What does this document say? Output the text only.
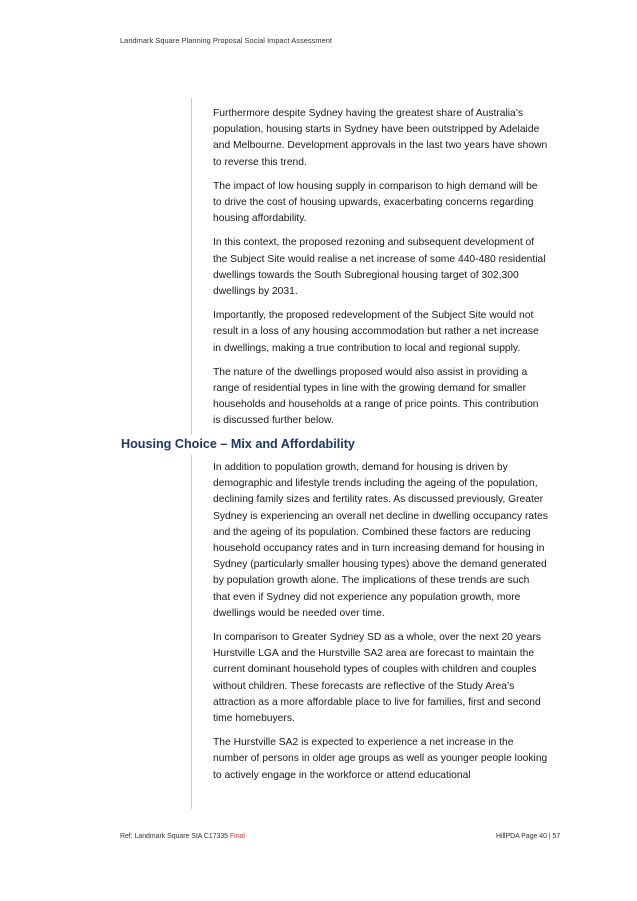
Landmark Square Planning Proposal Social Impact Assessment

Furthermore despite Sydney having the greatest share of Australia’s population, housing starts in Sydney have been outstripped by Adelaide and Melbourne. Development approvals in the last two years have shown to reverse this trend.

The impact of low housing supply in comparison to high demand will be to drive the cost of housing upwards, exacerbating concerns regarding housing affordability.

In this context, the proposed rezoning and subsequent development of the Subject Site would realise a net increase of some 440-480 residential dwellings towards the South Subregional housing target of 302,300 dwellings by 2031.

Importantly, the proposed redevelopment of the Subject Site would not result in a loss of any housing accommodation but rather a net increase in dwellings, making a true contribution to local and regional supply.

The nature of the dwellings proposed would also assist in providing a range of residential types in line with the growing demand for smaller households and households at a range of price points. This contribution is discussed further below.

Housing Choice – Mix and Affordability

In addition to population growth, demand for housing is driven by demographic and lifestyle trends including the ageing of the population, declining family sizes and fertility rates. As discussed previously, Greater Sydney is experiencing an overall net decline in dwelling occupancy rates and the ageing of its population. Combined these factors are reducing household occupancy rates and in turn increasing demand for housing in Sydney (particularly smaller housing types) above the demand generated by population growth alone. The implications of these trends are such that even if Sydney did not experience any population growth, more dwellings would be needed over time.

In comparison to Greater Sydney SD as a whole, over the next 20 years Hurstville LGA and the Hurstville SA2 area are forecast to maintain the current dominant household types of couples with children and couples without children. These forecasts are reflective of the Study Area’s attraction as a more affordable place to live for families, first and second time homebuyers.

The Hurstville SA2 is expected to experience a net increase in the number of persons in older age groups as well as younger people looking to actively engage in the workforce or attend educational

Ref: Landmark Square SIA C17335 Final	HillPDA Page 40 | 57
